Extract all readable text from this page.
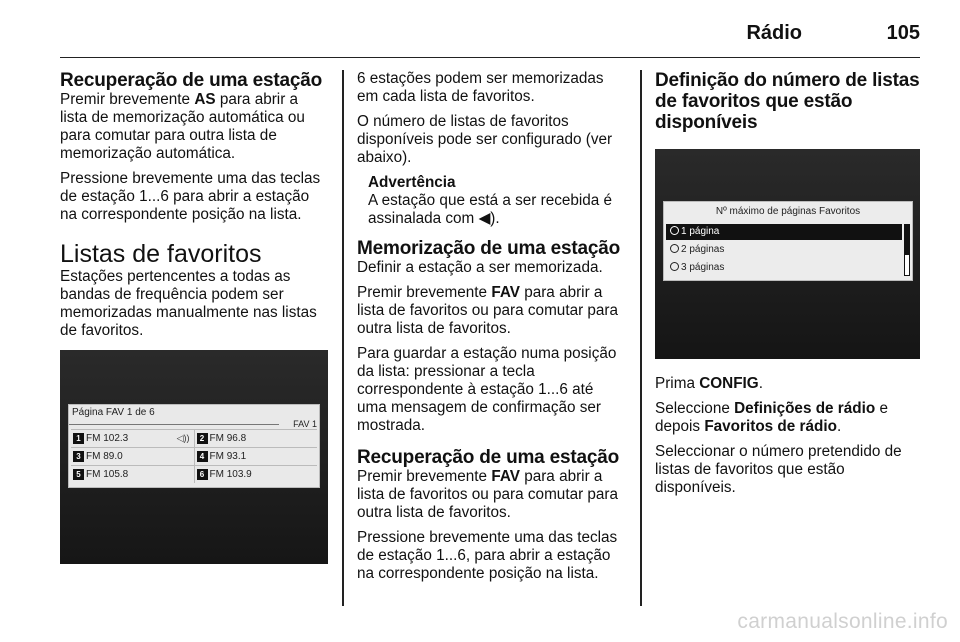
Rádio	105
Recuperação de uma estação

Premir brevemente AS para abrir a lista de memorização automática ou para comutar para outra lista de memorização automática.

Pressione brevemente uma das teclas de estação 1...6 para abrir a estação na correspondente posição na lista.

Listas de favoritos

Estações pertencentes a todas as bandas de frequência podem ser memorizadas manualmente nas listas de favoritos.

Página FAV 1 de 6
FAV 1
1 FM 102.3	◁))	2 FM 96.8
3 FM 89.0	4 FM 93.1
5 FM 105.8	6 FM 103.9

6 estações podem ser memorizadas em cada lista de favoritos.

O número de listas de favoritos disponíveis pode ser configurado (ver abaixo).

Advertência

A estação que está a ser recebida é assinalada com ◀).

Memorização de uma estação

Definir a estação a ser memorizada.

Premir brevemente FAV para abrir a lista de favoritos ou para comutar para outra lista de favoritos.

Para guardar a estação numa posição da lista: pressionar a tecla correspondente à estação 1...6 até uma mensagem de confirmação ser mostrada.

Recuperação de uma estação

Premir brevemente FAV para abrir a lista de favoritos ou para comutar para outra lista de favoritos.

Pressione brevemente uma das teclas de estação 1...6, para abrir a estação na correspondente posição na lista.

Definição do número de listas de favoritos que estão disponíveis
Nº máximo de páginas Favoritos
1 página
2 páginas
3 páginas

Prima CONFIG.

Seleccione Definições de rádio e depois Favoritos de rádio.

Seleccionar o número pretendido de listas de favoritos que estão disponíveis.

carmanualsonline.info
